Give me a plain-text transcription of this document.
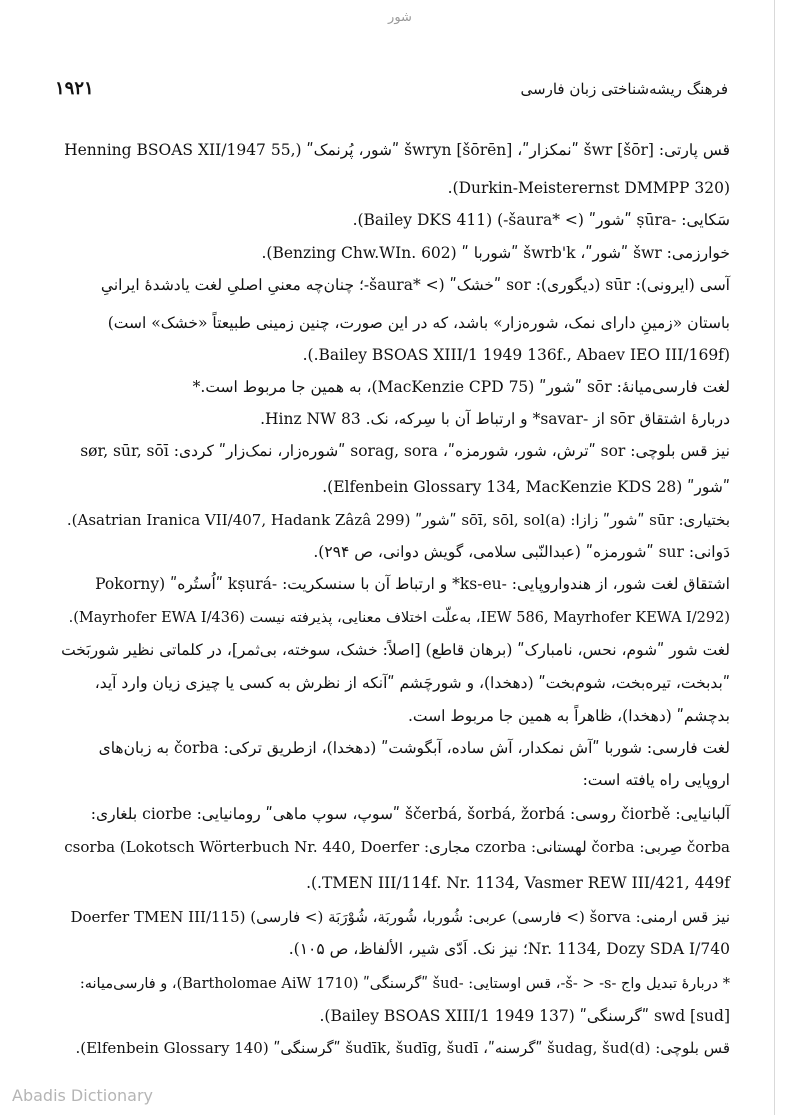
شور
۱۹۲۱	فرهنگ ریشه‌شناختی زبان فارسی
قس پارتی: šwr [šōr] ʺنمکزارʺ، šwryn [šōrēn] ʺشور، پُرنمکʺ (,Henning BSOAS XII/1947 55
(Durkin-Meisterernst DMMPP 320).
سَکایی: -ṣūra ʺشورʺ (> *šaura-) (Bailey DKS 411).
خوارزمی: šwr ʺشورʺ، šwrb'k ʺشوربا ʺ (Benzing Chw.WIn. 602).
آسی (ایرونی): sūr (دیگوری): sor ʺخشکʺ (> *šaura-؛ چنان‌چه معنیِ اصلیِ لغت یادشدهٔ ایرانیِ
باستان «زمینِ دارای نمک، شوره‌زار» باشد، که در این صورت، چنین زمینی طبیعتاً «خشک» است)
(Bailey BSOAS XIII/1 1949 136f., Abaev IEO III/169f.).
لغت فارسی‌میانهٔ: sōr ʺشورʺ (MacKenzie CPD 75)، به همین جا مربوط است.*
دربارهٔ اشتقاق sōr از -savar* و ارتباط آن با سِرکه، نک. Hinz NW 83.
نیز قس بلوچی: sor ʺترش، شور، شورمزهʺ، sorag, sora ʺشوره‌زار، نمک‌زارʺ کردی: sør, sūr, sōī
ʺشورʺ (Elfenbein Glossary 134, MacKenzie KDS 28).
بختیاری: sūr ʺشورʺ زازا: sōī, sōl, sol(a) ʺشورʺ (Asatrian Iranica VII/407, Hadank Zâzâ 299).
دَوانی: sur ʺشورمزهʺ (عبدالنّبی سلامی، گویش دوانی، ص ۲۹۴).
اشتقاق لغت شور، از هندواروپایی: -ks-eu* و ارتباط آن با سنسکریت: -kṣurá ʺاُستُرهʺ (Pokorny
(IEW 586, Mayrhofer KEWA I/292، به‌علّت اختلاف معنایی، پذیرفته نیست (Mayrhofer EWA I/436).
لغت شور ʺشوم، نحس، نامبارکʺ (برهان قاطع) [اصلاً: خشک، سوخته، بی‌ثمر]، در کلماتی نظیر شوربَخت
ʺبدبخت، تیره‌بخت، شوم‌بختʺ (دهخدا)، و شورچَشم ʺآنکه از نظرش به کسی یا چیزی زیان وارد آید،
بدچشمʺ (دهخدا)، ظاهراً به همین جا مربوط است.
لغت فارسی: شوربا ʺآش نمکدار، آش ساده، آبگوشتʺ (دهخدا)، ازطریق ترکی: čorba به زبان‌های
اروپایی راه یافته است:
آلبانیایی: čiorbě روسی: ščerbá, šorbá, žorbá ʺسوپ، سوپ ماهیʺ رومانیایی: ciorbe بلغاری:
čorba صِربی: čorba لهستانی: czorba مجاری: csorba (Lokotsch Wörterbuch Nr. 440, Doerfer
TMEN III/114f. Nr. 1134, Vasmer REW III/421, 449f.).
نیز قس ارمنی: šorva (> فارسی) عربی: شُوربا، شُوربَة، شُوْرَبَة (> فارسی) (Doerfer TMEN III/115
Nr. 1134, Dozy SDA I/740؛ نیز نک. اَدّی شیر، الألفاظ، ص ۱۰۵).
* دربارهٔ تبدیل واج -š- > -s-، قس اوستایی: -šud ʺگرسنگیʺ (Bartholomae AiW 1710)، و فارسی‌میانه:
swd [sud] ʺگرسنگیʺ (Bailey BSOAS XIII/1 1949 137).
قس بلوچی: šudag, šud(d) ʺگرسنهʺ، šudīk, šudīg, šudī ʺگرسنگیʺ (Elfenbein Glossary 140).
Abadis Dictionary
